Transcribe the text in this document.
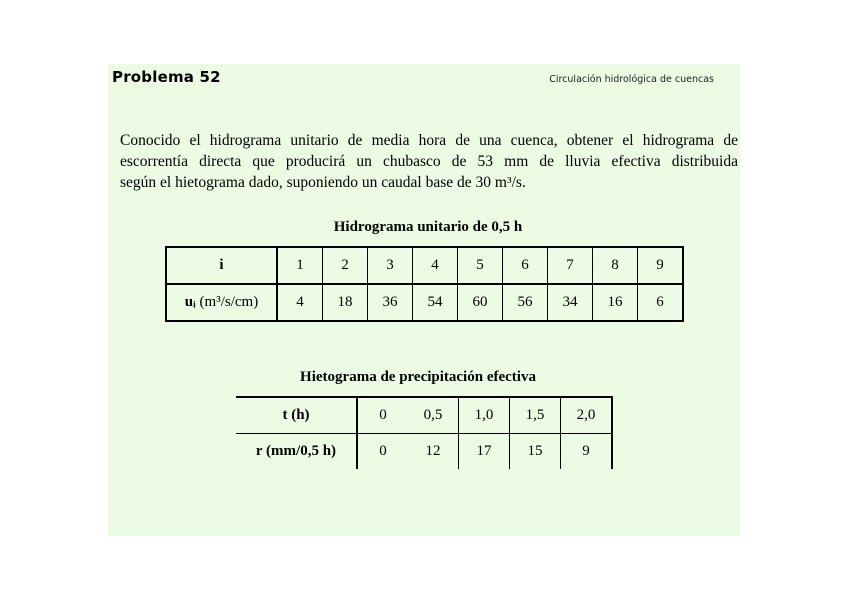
Problema 52	Circulación hidrológica de cuencas
Conocido el hidrograma unitario de media hora de una cuenca, obtener el hidrograma de
escorrentía directa que producirá un chubasco de 53 mm de lluvia efectiva distribuida
según el hietograma dado, suponiendo un caudal base de 30 m³/s.
Hidrograma unitario de 0,5 h
i	1	2	3	4	5	6	7	8	9
uᵢ (m³/s/cm)	4	18	36	54	60	56	34	16	6
Hietograma de precipitación efectiva
t (h)	0	0,5	1,0	1,5	2,0
r (mm/0,5 h)	0	12	17	15	9
